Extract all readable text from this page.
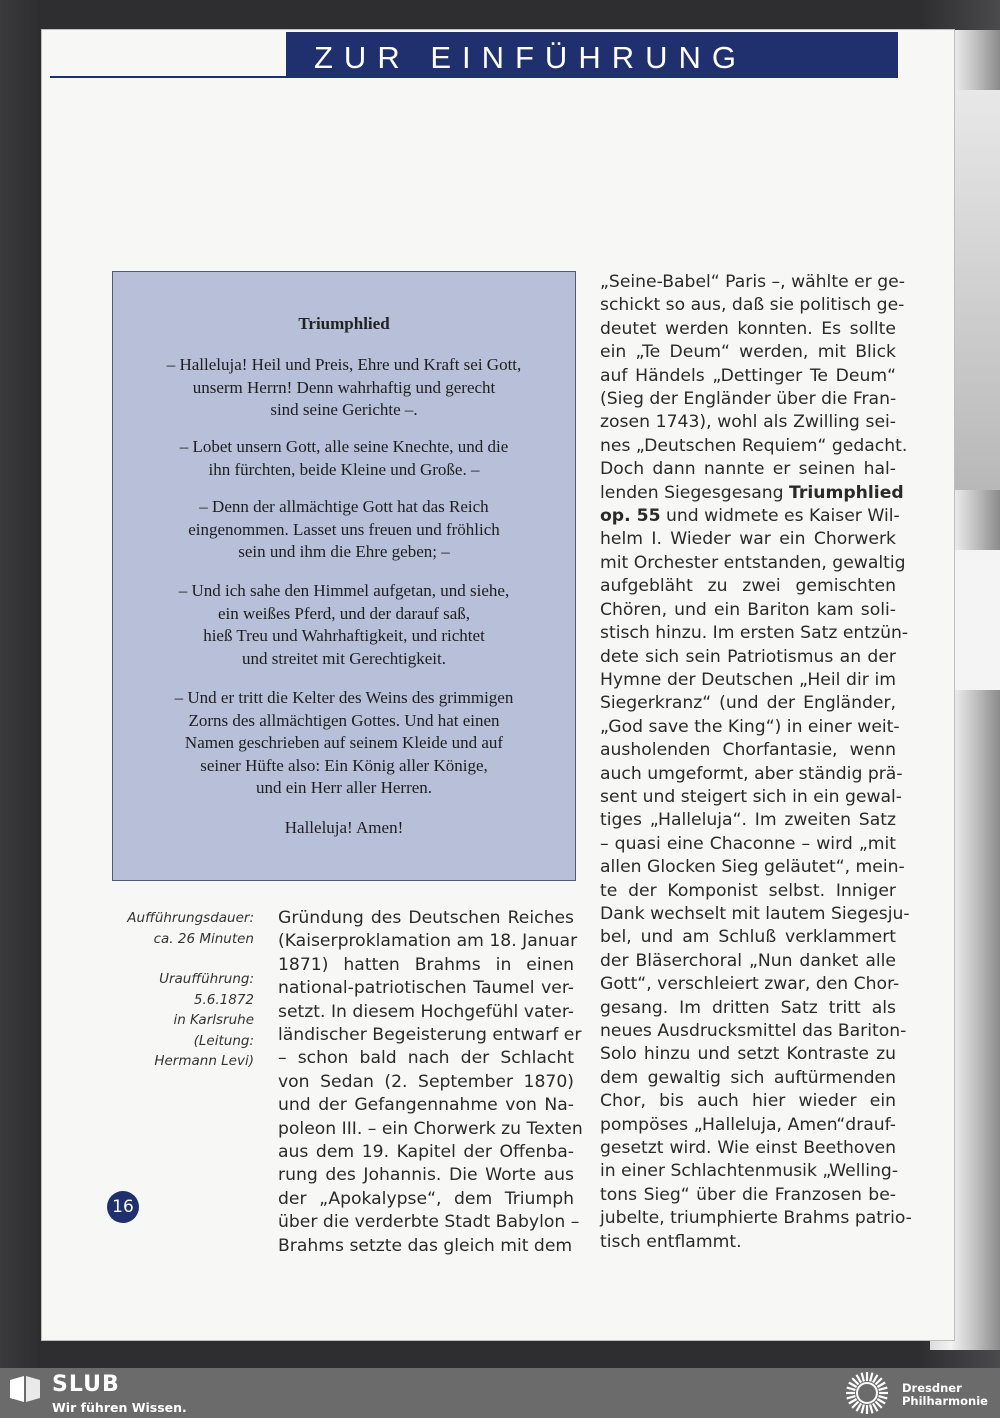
ZUR EINFÜHRUNG
Triumphlied
– Halleluja! Heil und Preis, Ehre und Kraft sei Gott,
unserm Herrn! Denn wahrhaftig und gerecht
sind seine Gerichte –.
– Lobet unsern Gott, alle seine Knechte, und die
ihn fürchten, beide Kleine und Große. –
– Denn der allmächtige Gott hat das Reich
eingenommen. Lasset uns freuen und fröhlich
sein und ihm die Ehre geben; –
– Und ich sahe den Himmel aufgetan, und siehe,
ein weißes Pferd, und der darauf saß,
hieß Treu und Wahrhaftigkeit, und richtet
und streitet mit Gerechtigkeit.
– Und er tritt die Kelter des Weins des grimmigen
Zorns des allmächtigen Gottes. Und hat einen
Namen geschrieben auf seinem Kleide und auf
seiner Hüfte also: Ein König aller Könige,
und ein Herr aller Herren.
Halleluja! Amen!
Aufführungsdauer:
ca. 26 Minuten
Uraufführung:
5.6.1872
in Karlsruhe
(Leitung:
Hermann Levi)
Gründung des Deutschen Reiches
(Kaiserproklamation am 18. Januar
1871) hatten Brahms in einen
national-patriotischen Taumel ver-
setzt. In diesem Hochgefühl vater-
ländischer Begeisterung entwarf er
– schon bald nach der Schlacht
von Sedan (2. September 1870)
und der Gefangennahme von Na-
poleon III. – ein Chorwerk zu Texten
aus dem 19. Kapitel der Offenba-
rung des Johannis. Die Worte aus
der „Apokalypse“, dem Triumph
über die verderbte Stadt Babylon –
Brahms setzte das gleich mit dem
„Seine-Babel“ Paris –, wählte er ge-
schickt so aus, daß sie politisch ge-
deutet werden konnten. Es sollte
ein „Te Deum“ werden, mit Blick
auf Händels „Dettinger Te Deum“
(Sieg der Engländer über die Fran-
zosen 1743), wohl als Zwilling sei-
nes „Deutschen Requiem“ gedacht.
Doch dann nannte er seinen hal-
lenden Siegesgesang Triumphlied
op. 55 und widmete es Kaiser Wil-
helm I. Wieder war ein Chorwerk
mit Orchester entstanden, gewaltig
aufgebläht zu zwei gemischten
Chören, und ein Bariton kam soli-
stisch hinzu. Im ersten Satz entzün-
dete sich sein Patriotismus an der
Hymne der Deutschen „Heil dir im
Siegerkranz“ (und der Engländer,
„God save the King“) in einer weit-
ausholenden Chorfantasie, wenn
auch umgeformt, aber ständig prä-
sent und steigert sich in ein gewal-
tiges „Halleluja“. Im zweiten Satz
– quasi eine Chaconne – wird „mit
allen Glocken Sieg geläutet“, mein-
te der Komponist selbst. Inniger
Dank wechselt mit lautem Siegesju-
bel, und am Schluß verklammert
der Bläserchoral „Nun danket alle
Gott“, verschleiert zwar, den Chor-
gesang. Im dritten Satz tritt als
neues Ausdrucksmittel das Bariton-
Solo hinzu und setzt Kontraste zu
dem gewaltig sich auftürmenden
Chor, bis auch hier wieder ein
pompöses „Halleluja, Amen“drauf-
gesetzt wird. Wie einst Beethoven
in einer Schlachtenmusik „Welling-
tons Sieg“ über die Franzosen be-
jubelte, triumphierte Brahms patrio-
tisch entflammt.
16
SLUB
Wir führen Wissen.
Dresdner
Philharmonie
